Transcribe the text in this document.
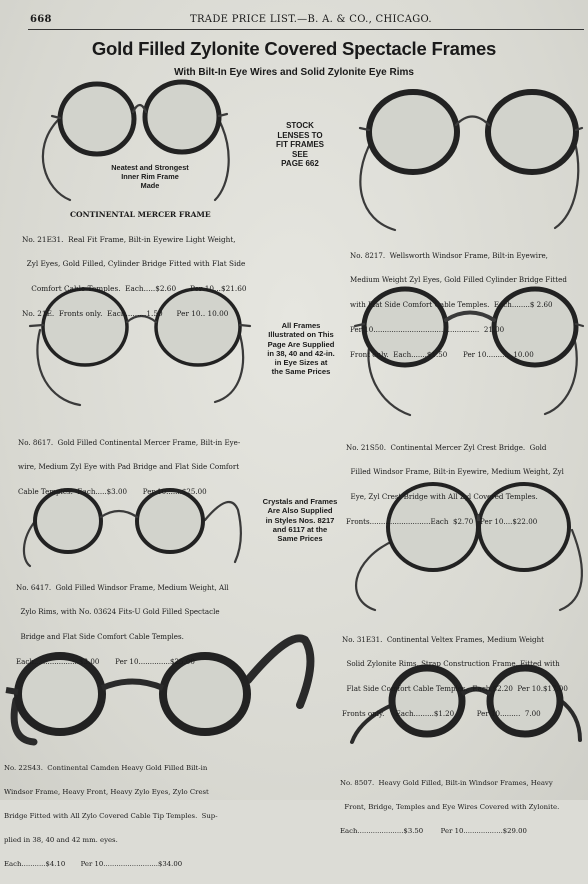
668	TRADE PRICE LIST.—B. A. & CO., CHICAGO.
Gold Filled Zylonite Covered Spectacle Frames
With Bilt-In Eye Wires and Solid Zylonite Eye Rims
STOCK
LENSES TO
FIT FRAMES
SEE
PAGE 662
All Frames
Illustrated on This
Page Are Supplied
in 38, 40 and 42-in.
in Eye Sizes at
the Same Prices
Crystals and Frames
Are Also Supplied
in Styles Nos. 8217
and 6117 at the
Same Prices
Neatest and Strongest
Inner Rim Frame
Made
CONTINENTAL MERCER FRAME

No. 21E31.  Real Fit Frame, Bilt-in Eyewire Light Weight,

Zyl Eyes, Gold Filled, Cylinder Bridge Fitted with Flat Side

Comfort Cable Temples.  Each.....$2.60      Per 10...$21.60

No. 21E.  Fronts only.  Each.........1.50      Per 10.. 10.00

No. 8217.  Wellsworth Windsor Frame, Bilt-in Eyewire,

Medium Weight Zyl Eyes, Gold Filled Cylinder Bridge Fitted

with Flat Side Comfort Cable Temples.  Each........$ 2.60

Per 10...............................................  21.00

Front only.  Each.......$1.50       Per 10..........  10.00

No. 8617.  Gold Filled Continental Mercer Frame, Bilt-in Eye-

wire, Medium Zyl Eye with Pad Bridge and Flat Side Comfort

Cable Temples.  Each.....$3.00       Per 10.......$25.00

No. 21S50.  Continental Mercer Zyl Crest Bridge.  Gold

Filled Windsor Frame, Bilt-in Eyewire, Medium Weight, Zyl

Eye, Zyl Crest Bridge with All Zyl Covered Temples.

Fronts...........................Each  $2.70   Per 10....$22.00

No. 6417.  Gold Filled Windsor Frame, Medium Weight, All

Zylo Rims, with No. 03624 Fits-U Gold Filled Spectacle

Bridge and Flat Side Comfort Cable Temples.

Each....................$3.00       Per 10..............$25.00

No. 31E31.  Continental Veltex Frames, Medium Weight

Solid Zylonite Rims, Strap Construction Frame, Fitted with

Flat Side Comfort Cable Temples.  Each $2.20  Per 10.$17.00

Fronts only.     Each.........$1.20          Per 10.........  7.00

No. 22S43.  Continental Camden Heavy Gold Filled Bilt-in

Windsor Frame, Heavy Front, Heavy Zylo Eyes, Zylo Crest

Bridge Fitted with All Zylo Covered Cable Tip Temples.  Sup-

plied in 38, 40 and 42 mm. eyes.

Each...........$4.10       Per 10.........................$34.00

No. 8507.  Heavy Gold Filled, Bilt-in Windsor Frames, Heavy

Front, Bridge, Temples and Eye Wires Covered with Zylonite.

Each.....................$3.50        Per 10..................$29.00
